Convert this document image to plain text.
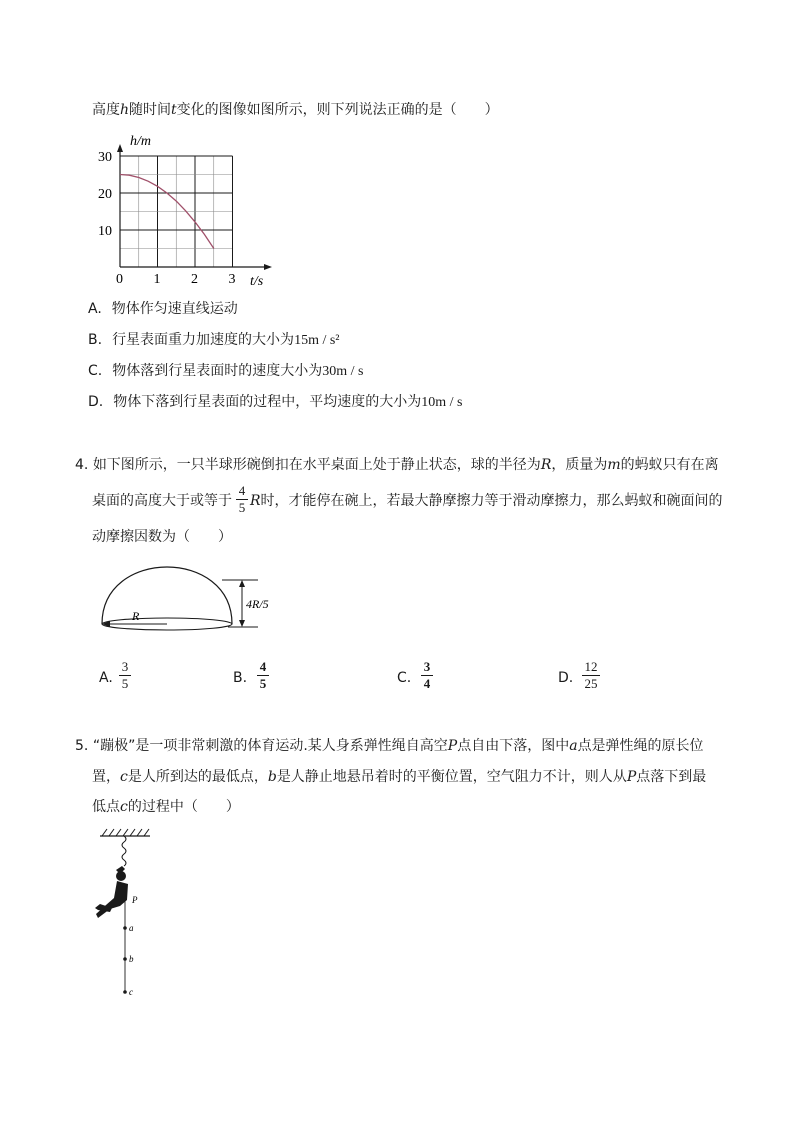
高度h随时间t变化的图像如图所示，则下列说法正确的是（　　）
h/m
t/s
0 1 2 3
10
20
30
A. 物体作匀速直线运动
B. 行星表面重力加速度的大小为15m / s²
C. 物体落到行星表面时的速度大小为30m / s
D. 物体下落到行星表面的过程中，平均速度的大小为10m / s
4. 如下图所示，一只半球形碗倒扣在水平桌面上处于静止状态，球的半径为R，质量为m的蚂蚁只有在离
桌面的高度大于或等于
4
5 R时，才能停在碗上，若最大静摩擦力等于滑动摩擦力，那么蚂蚁和碗面间的
动摩擦因数为（　　）
R
4R/5
A.
3
5	B.
4
5	C.
3
4	D.
12
25
5. “蹦极”是一项非常刺激的体育运动.某人身系弹性绳自高空P点自由下落，图中a点是弹性绳的原长位
置，c是人所到达的最低点，b是人静止地悬吊着时的平衡位置，空气阻力不计，则人从P点落下到最
低点c的过程中（　　）
P
a
b
c
